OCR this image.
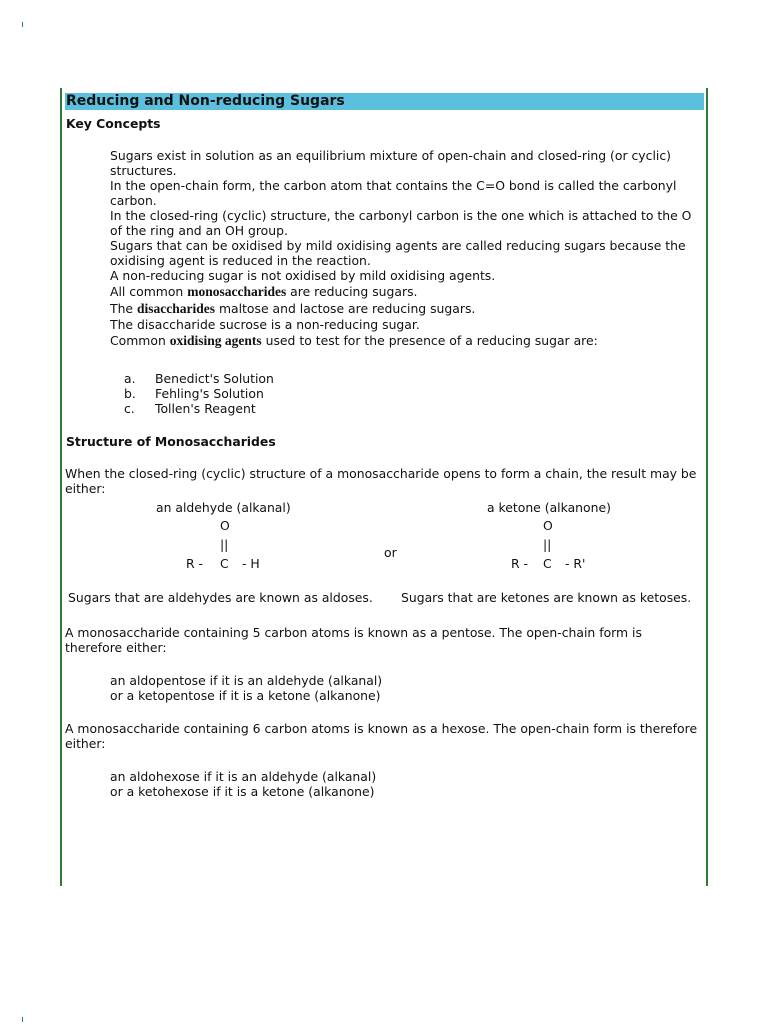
Reducing and Non-reducing Sugars
Key Concepts
Sugars exist in solution as an equilibrium mixture of open-chain and closed-ring (or cyclic) structures.
In the open-chain form, the carbon atom that contains the C=O bond is called the carbonyl carbon.
In the closed-ring (cyclic) structure, the carbonyl carbon is the one which is attached to the O of the ring and an OH group.
Sugars that can be oxidised by mild oxidising agents are called reducing sugars because the oxidising agent is reduced in the reaction.
A non-reducing sugar is not oxidised by mild oxidising agents.
All common monosaccharides are reducing sugars.
The disaccharides maltose and lactose are reducing sugars.
The disaccharide sucrose is a non-reducing sugar.
Common oxidising agents used to test for the presence of a reducing sugar are:
a. Benedict's Solution
b. Fehling's Solution
c. Tollen's Reagent
Structure of Monosaccharides
When the closed-ring (cyclic) structure of a monosaccharide opens to form a chain, the result may be either:
an aldehyde (alkanal)
O
||
R - C - H
or
a ketone (alkanone)
O
||
R - C - R'
Sugars that are aldehydes are known as aldoses. Sugars that are ketones are known as ketoses.
A monosaccharide containing 5 carbon atoms is known as a pentose. The open-chain form is therefore either:
an aldopentose if it is an aldehyde (alkanal)
or a ketopentose if it is a ketone (alkanone)
A monosaccharide containing 6 carbon atoms is known as a hexose. The open-chain form is therefore either:
an aldohexose if it is an aldehyde (alkanal)
or a ketohexose if it is a ketone (alkanone)
